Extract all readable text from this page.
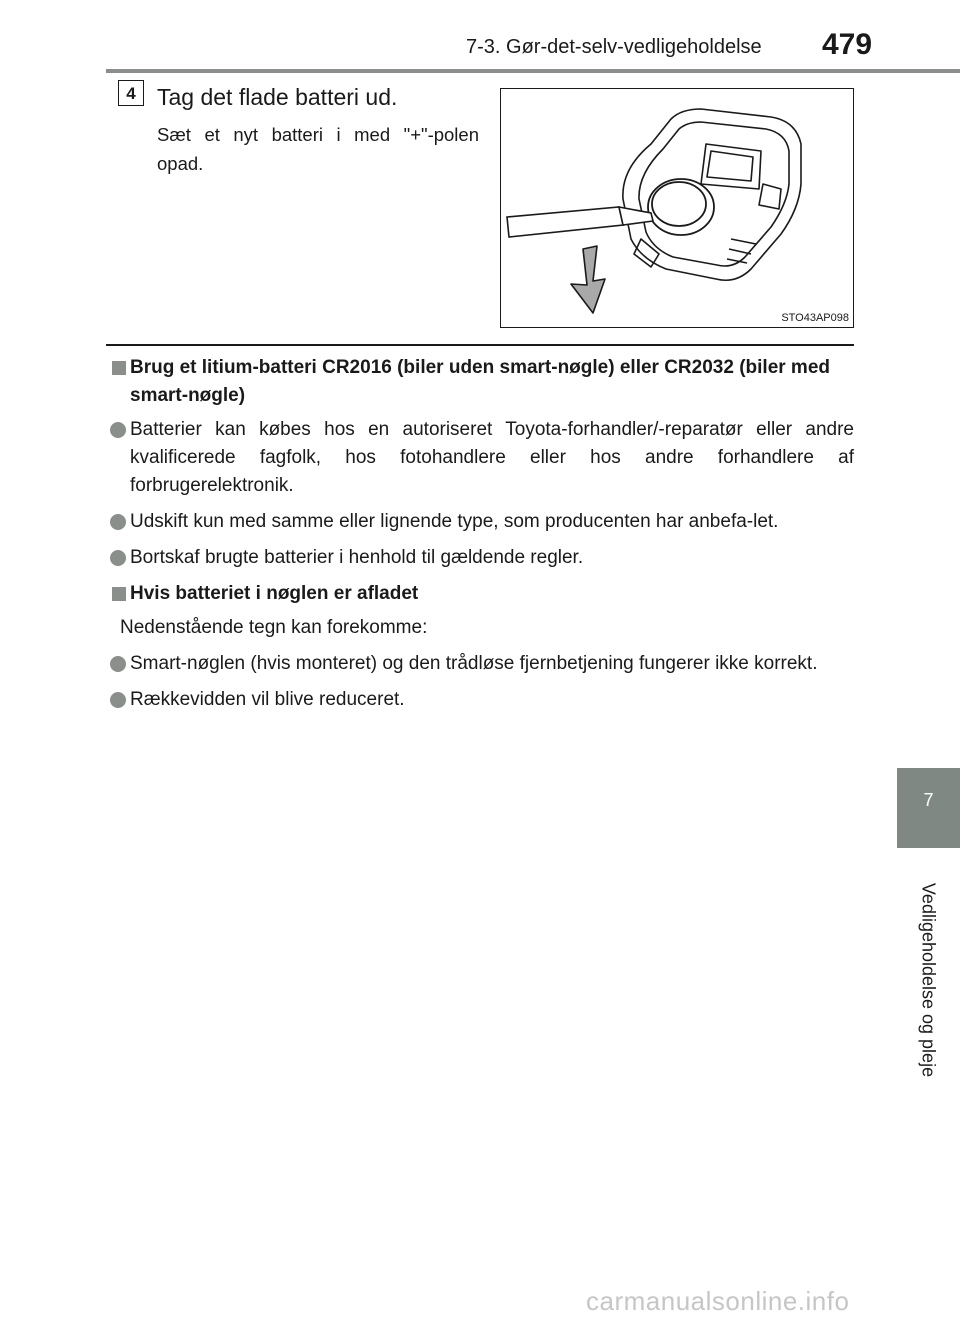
7-3. Gør-det-selv-vedligeholdelse 479
7
Vedligeholdelse og pleje
4 Tag det flade batteri ud.
Sæt et nyt batteri i med "+"-polen opad.
STO43AP098
Brug et litium-batteri CR2016 (biler uden smart-nøgle) eller CR2032 (biler med smart-nøgle)
Batterier kan købes hos en autoriseret Toyota-forhandler/-reparatør eller andre kvalificerede fagfolk, hos fotohandlere eller hos andre forhandlere af forbrugerelektronik.
Udskift kun med samme eller lignende type, som producenten har anbefa-let.
Bortskaf brugte batterier i henhold til gældende regler.
Hvis batteriet i nøglen er afladet
Nedenstående tegn kan forekomme:
Smart-nøglen (hvis monteret) og den trådløse fjernbetjening fungerer ikke korrekt.
Rækkevidden vil blive reduceret.
carmanualsonline.info
